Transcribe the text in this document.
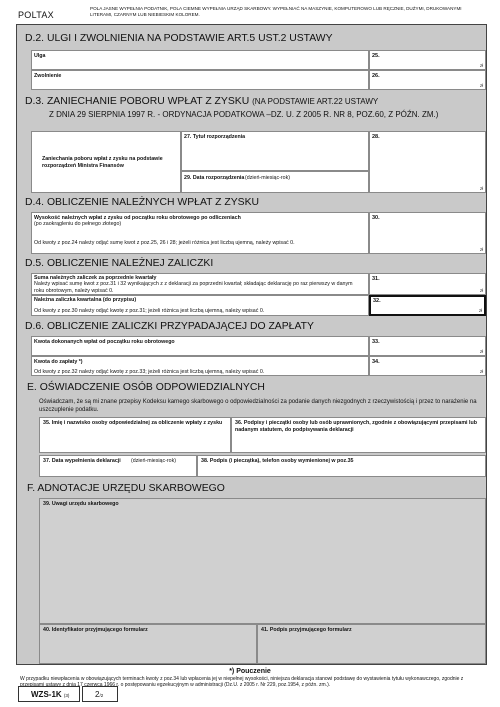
POLTAX
POLA JASNE WYPEŁNIA PODATNIK, POLA CIEMNE WYPEŁNIA URZĄD SKARBOWY. WYPEŁNIAĆ NA MASZYNIE, KOMPUTEROWO LUB RĘCZNIE, DUŻYMI, DRUKOWANYMI LITERAMI, CZARNYM LUB NIEBIESKIM KOLOREM.
D.2. ULGI I ZWOLNIENIA NA PODSTAWIE ART.5 UST.2 USTAWY
Ulga	25.
zł
Zwolnienie	26.
zł
D.3. ZANIECHANIE POBORU WPŁAT Z ZYSKU (NA PODSTAWIE ART.22 USTAWY
Z DNIA 29 SIERPNIA 1997 R. - ORDYNACJA PODATKOWA –DZ. U. Z 2005 R. NR 8, POZ.60, Z PÓŹN. ZM.)
Zaniechania poboru wpłat z zysku na podstawie rozporządzeń Ministra Finansów
27. Tytuł rozporządzenia
29. Data rozporządzenia (dzień-miesiąc-rok)
28.
zł
D.4. OBLICZENIE NALEŻNYCH WPŁAT Z ZYSKU
Wysokość należnych wpłat z zysku od początku roku obrotowego po odliczeniach
(po zaokrągleniu do pełnego złotego)
Od kwoty z poz.24 należy odjąć sumę kwot z poz.25, 26 i 28; jeżeli różnica jest liczbą ujemną, należy wpisać 0.
30.
zł
D.5. OBLICZENIE NALEŻNEJ ZALICZKI
Suma należnych zaliczek za poprzednie kwartały
Należy wpisać sumę kwot z poz.31 i 32 wynikających z z deklaracji za poprzedni kwartał; składając deklarację po raz pierwszy w danym roku obrotowym, należy wpisać 0.
31.
zł
Należna zaliczka kwartalna (do przypisu)
Od kwoty z poz.30 należy odjąć kwotę z poz.31; jeżeli różnica jest liczbą ujemną, należy wpisać 0.
32.
zł
D.6. OBLICZENIE ZALICZKI PRZYPADAJĄCEJ DO ZAPŁATY
Kwota dokonanych wpłat od początku roku obrotowego	33.
zł
Kwota do zapłaty *)
Od kwoty z poz.32 należy odjąć kwotę z poz.33; jeżeli różnica jest liczbą ujemną, należy wpisać 0.
34.
zł
E. OŚWIADCZENIE OSÓB ODPOWIEDZIALNYCH
Oświadczam, że są mi znane przepisy Kodeksu karnego skarbowego o odpowiedzialności za podanie danych niezgodnych z rzeczywistością i przez to narażenie na uszczuplenie podatku.
35. Imię i nazwisko osoby odpowiedzialnej za obliczenie wpłaty z zysku	36. Podpisy i pieczątki osoby lub osób uprawnionych, zgodnie z obowiązującymi przepisami lub nadanym statutem, do podpisywania deklaracji
37. Data wypełnienia deklaracji (dzień-miesiąc-rok)	38. Podpis (i pieczątka), telefon osoby wymienionej w poz.35
F. ADNOTACJE URZĘDU SKARBOWEGO
39. Uwagi urzędu skarbowego
40. Identyfikator przyjmującego formularz	41. Podpis przyjmującego formularz
*) Pouczenie
W przypadku niewpłacenia w obowiązujących terminach kwoty z poz.34 lub wpłacenia jej w niepełnej wysokości, niniejsza deklaracja stanowi podstawę do wystawienia tytułu wykonawczego, zgodnie z przepisami ustawy z dnia 17 czerwca 1966 r. o postępowaniu egzekucyjnym w administracji (Dz.U. z 2005 r. Nr 229, poz.1954, z późn. zm.).
WZS-1K (3)	2/2
